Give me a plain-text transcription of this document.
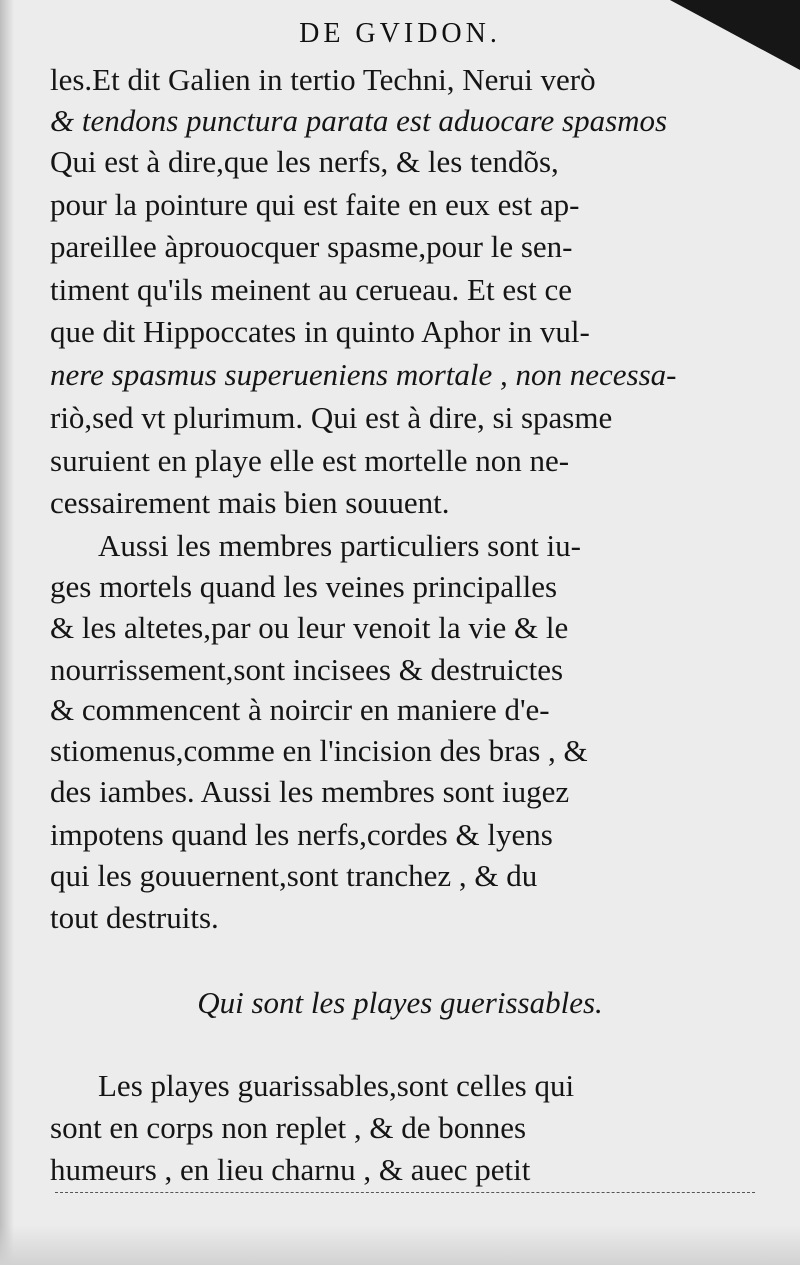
DE GVIDON.
les.Et dit Galien in tertio Techni, Nerui verò
& tendons punctura parata est aduocare spasmos
Qui est à dire,que les nerfs, & les tendõs,
pour la pointure qui est faite en eux est ap-
pareillee àprouocquer spasme,pour le sen-
timent qu'ils meinent au cerueau. Et est ce
que dit Hippoccates in quinto Aphor in vul-
nere spasmus superueniens mortale , non necessa-
riò,sed vt plurimum. Qui est à dire, si spasme
suruient en playe elle est mortelle non ne-
cessairement mais bien souuent.
Aussi les membres particuliers sont iu-
ges mortels quand les veines principalles
& les altetes,par ou leur venoit la vie & le
nourrissement,sont incisees & destruictes
& commencent à noircir en maniere d'e-
stiomenus,comme en l'incision des bras , &
des iambes. Aussi les membres sont iugez
impotens quand les nerfs,cordes & lyens
qui les gouuernent,sont tranchez , & du
tout destruits.
Qui sont les playes guerissables.
Les playes guarissables,sont celles qui
sont en corps non replet , & de bonnes
humeurs , en lieu charnu , & auec petit
